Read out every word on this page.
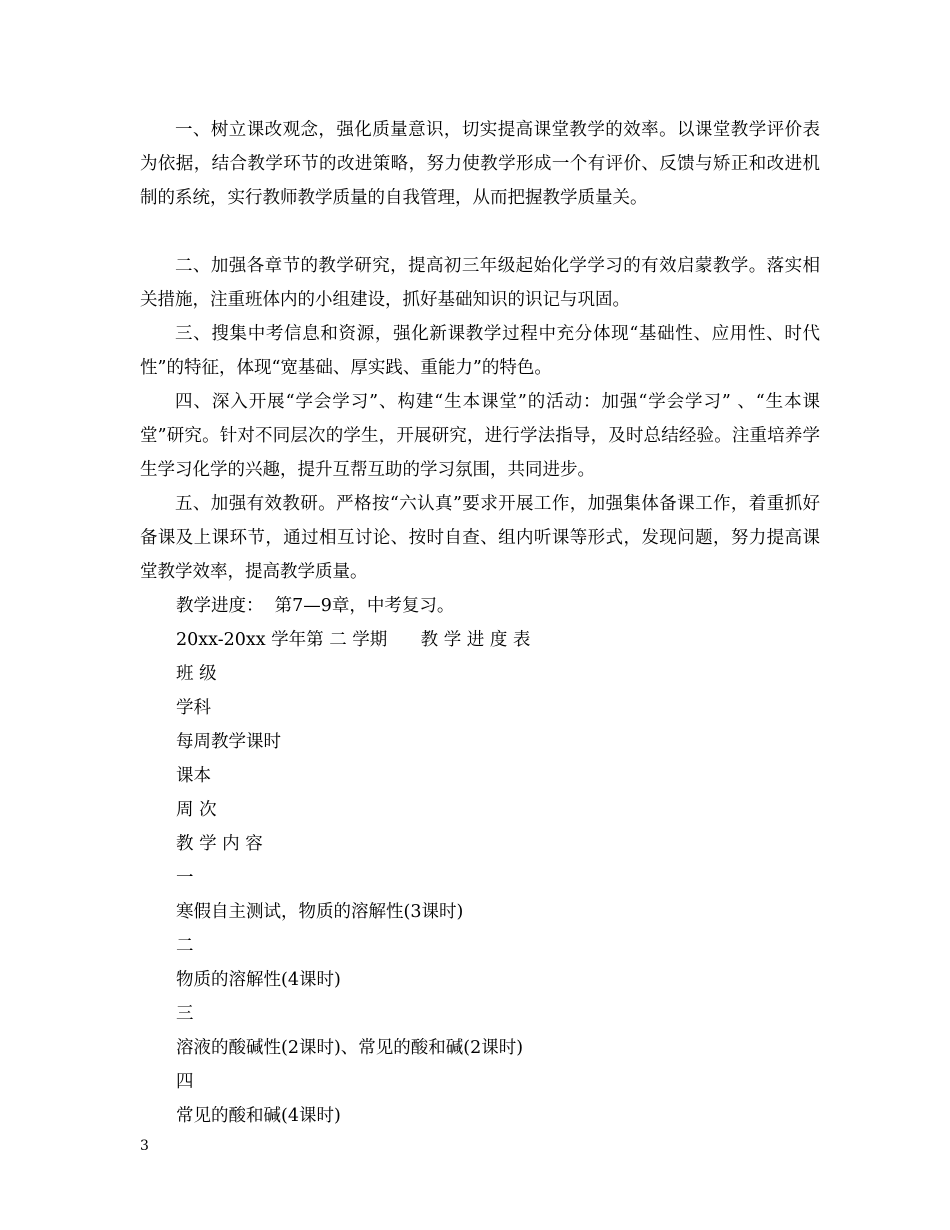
一、树立课改观念，强化质量意识，切实提高课堂教学的效率。以课堂教学评价表为依据，结合教学环节的改进策略，努力使教学形成一个有评价、反馈与矫正和改进机制的系统，实行教师教学质量的自我管理，从而把握教学质量关。

二、加强各章节的教学研究，提高初三年级起始化学学习的有效启蒙教学。落实相关措施，注重班体内的小组建设，抓好基础知识的识记与巩固。

三、搜集中考信息和资源，强化新课教学过程中充分体现“基础性、应用性、时代性”的特征，体现“宽基础、厚实践、重能力”的特色。

四、深入开展“学会学习”、构建“生本课堂”的活动：加强“学会学习” 、“生本课堂”研究。针对不同层次的学生，开展研究，进行学法指导，及时总结经验。注重培养学生学习化学的兴趣，提升互帮互助的学习氛围，共同进步。

五、加强有效教研。严格按“六认真”要求开展工作，加强集体备课工作，着重抓好备课及上课环节，通过相互讨论、按时自查、组内听课等形式，发现问题，努力提高课堂教学效率，提高教学质量。

教学进度：  第7—9章，中考复习。

20xx-20xx 学年第 二 学期      教 学 进 度 表

班 级

学科

每周教学课时

课本

周 次

教 学 内 容

一

寒假自主测试，物质的溶解性(3课时)

二

物质的溶解性(4课时)

三

溶液的酸碱性(2课时)、常见的酸和碱(2课时)

四

常见的酸和碱(4课时)

3
